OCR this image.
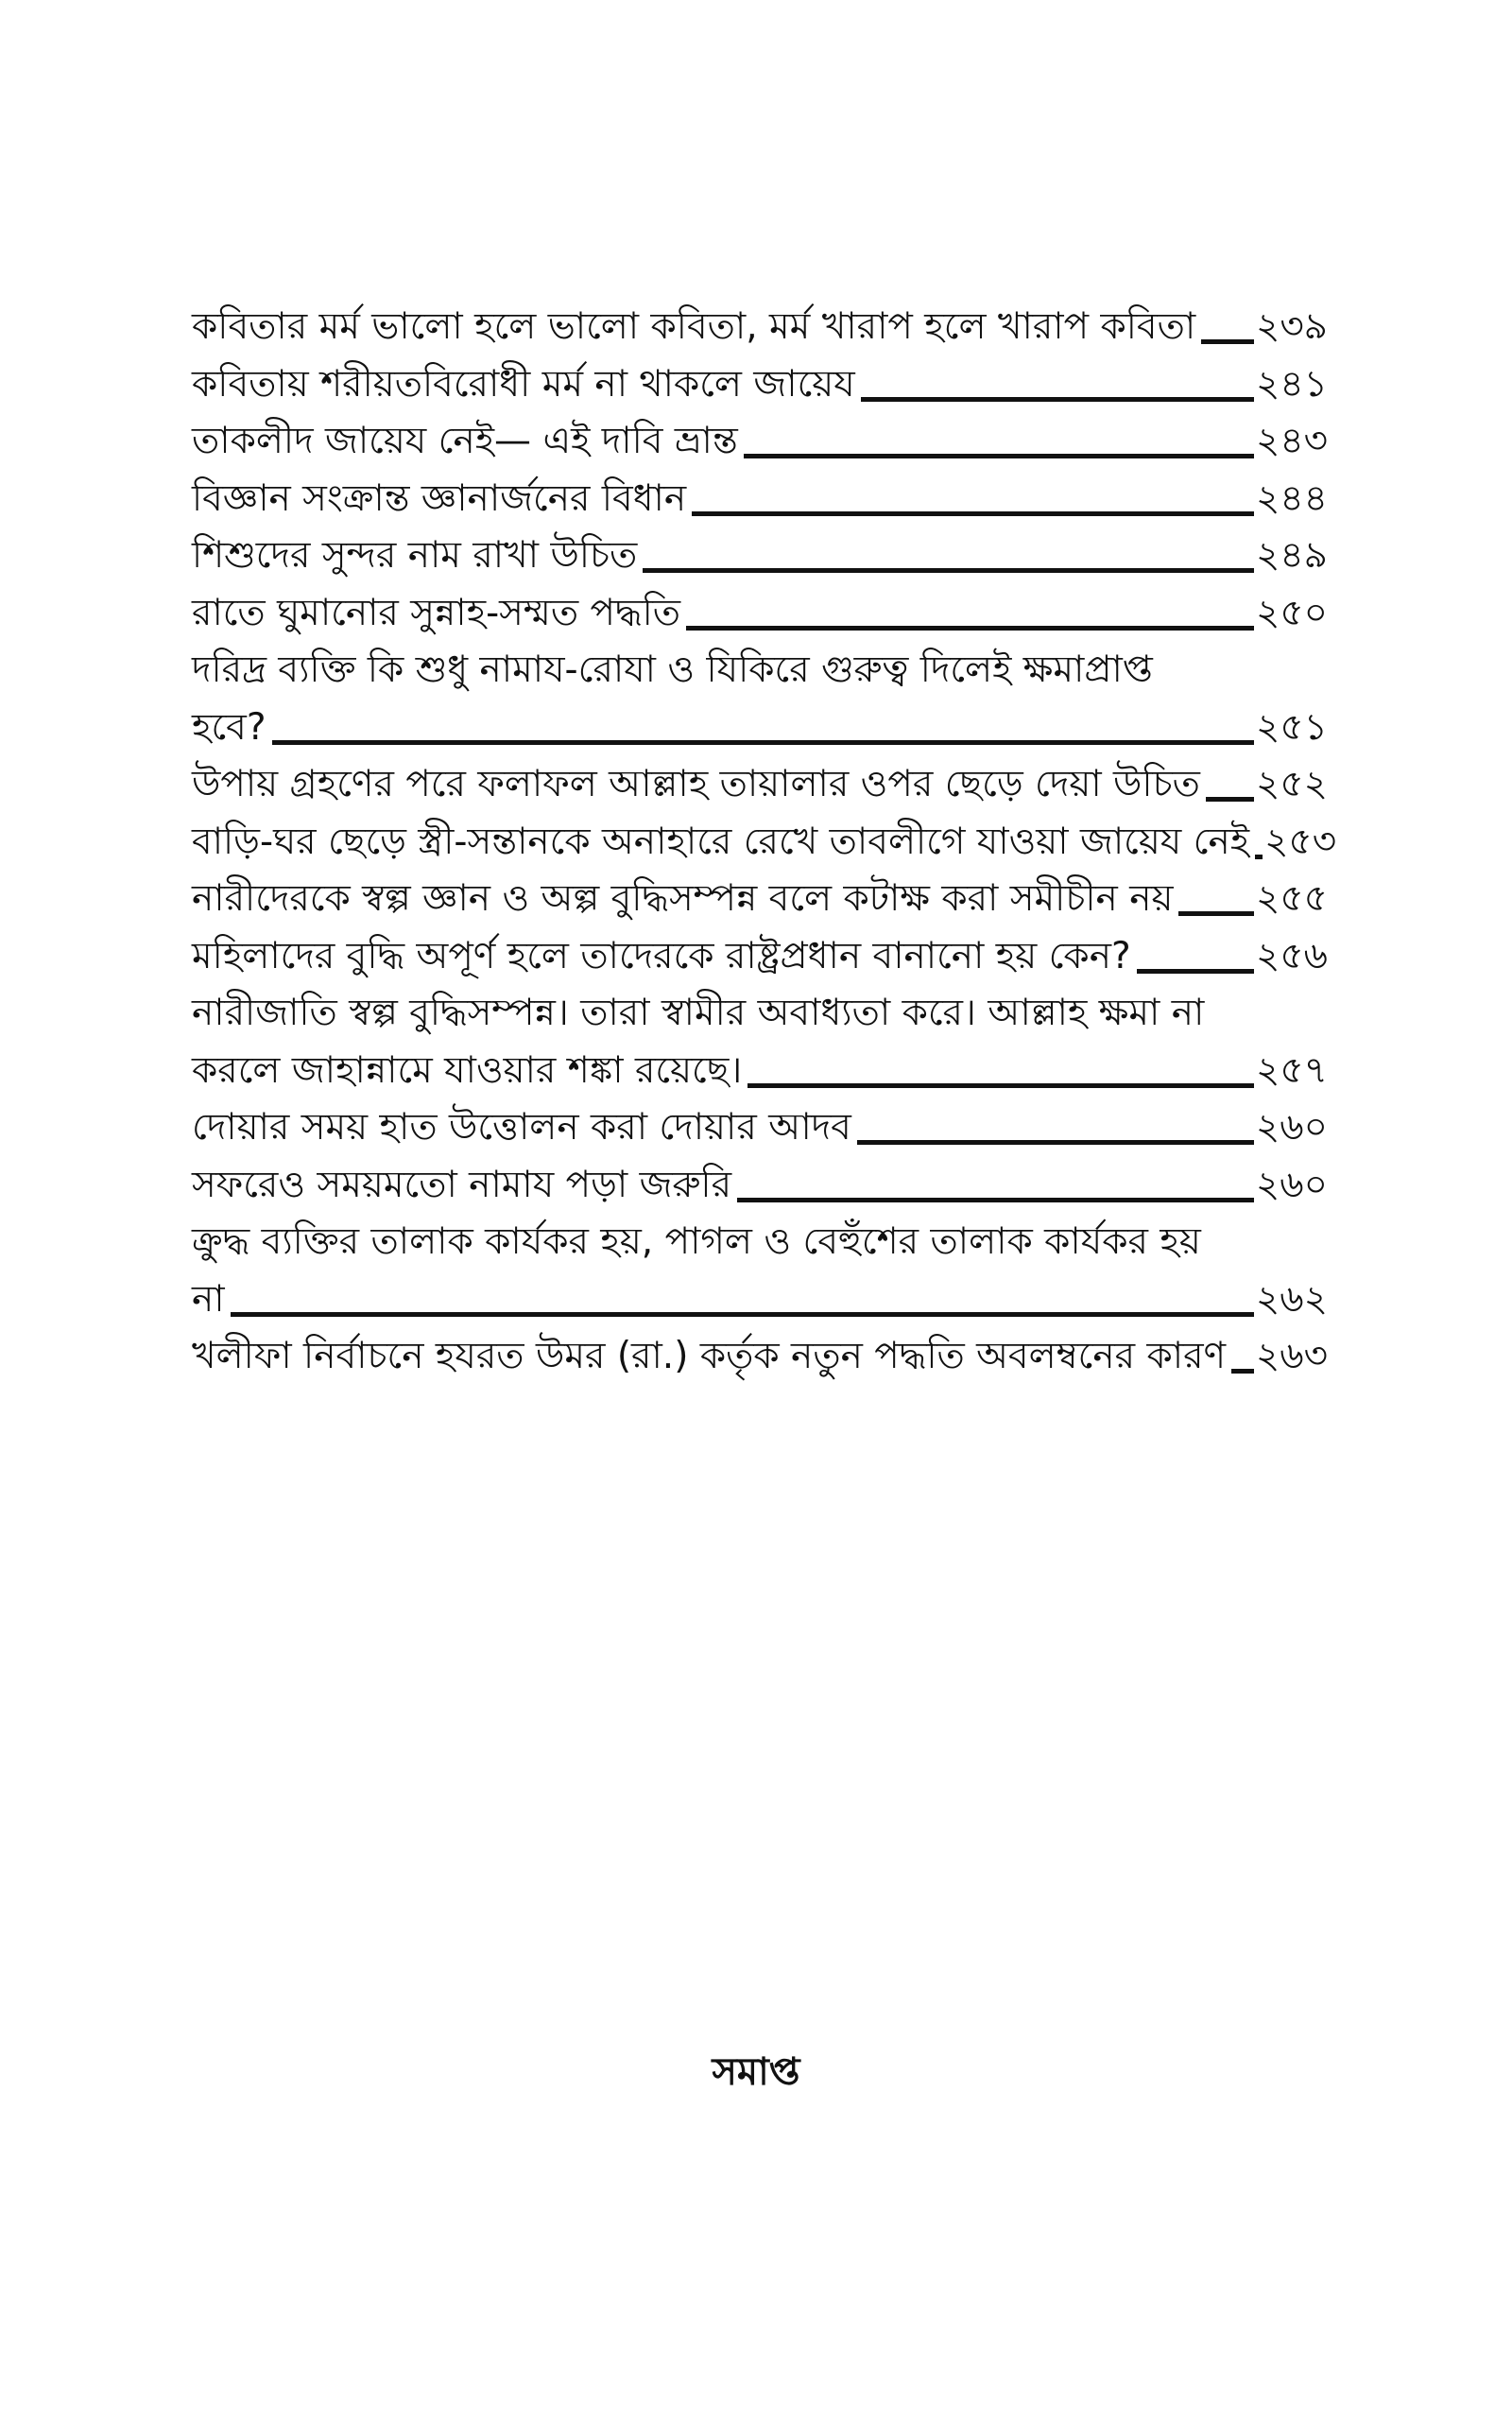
কবিতার মর্ম ভালো হলে ভালো কবিতা, মর্ম খারাপ হলে খারাপ কবিতা ২৩৯
কবিতায় শরীয়তবিরোধী মর্ম না থাকলে জায়েয	২৪১
তাকলীদ জায়েয নেই— এই দাবি ভ্রান্ত	২৪৩
বিজ্ঞান সংক্রান্ত জ্ঞানার্জনের বিধান	২৪৪
শিশুদের সুন্দর নাম রাখা উচিত	২৪৯
রাতে ঘুমানোর সুন্নাহ-সম্মত পদ্ধতি	২৫০
দরিদ্র ব্যক্তি কি শুধু নামায-রোযা ও যিকিরে গুরুত্ব দিলেই ক্ষমাপ্রাপ্ত
হবে?	২৫১
উপায় গ্রহণের পরে ফলাফল আল্লাহ তায়ালার ওপর ছেড়ে দেয়া উচিত ২৫২
বাড়ি-ঘর ছেড়ে স্ত্রী-সন্তানকে অনাহারে রেখে তাবলীগে যাওয়া জায়েয নেই ২৫৩
নারীদেরকে স্বল্প জ্ঞান ও অল্প বুদ্ধিসম্পন্ন বলে কটাক্ষ করা সমীচীন নয় ২৫৫
মহিলাদের বুদ্ধি অপূর্ণ হলে তাদেরকে রাষ্ট্রপ্রধান বানানো হয় কেন?	২৫৬
নারীজাতি স্বল্প বুদ্ধিসম্পন্ন। তারা স্বামীর অবাধ্যতা করে। আল্লাহ ক্ষমা না
করলে জাহান্নামে যাওয়ার শঙ্কা রয়েছে।	২৫৭
দোয়ার সময় হাত উত্তোলন করা দোয়ার আদব	২৬০
সফরেও সময়মতো নামায পড়া জরুরি	২৬০
ক্রুদ্ধ ব্যক্তির তালাক কার্যকর হয়, পাগল ও বেহুঁশের তালাক কার্যকর হয়
না	২৬২
খলীফা নির্বাচনে হযরত উমর (রা.) কর্তৃক নতুন পদ্ধতি অবলম্বনের কারণ ২৬৩
সমাপ্ত
